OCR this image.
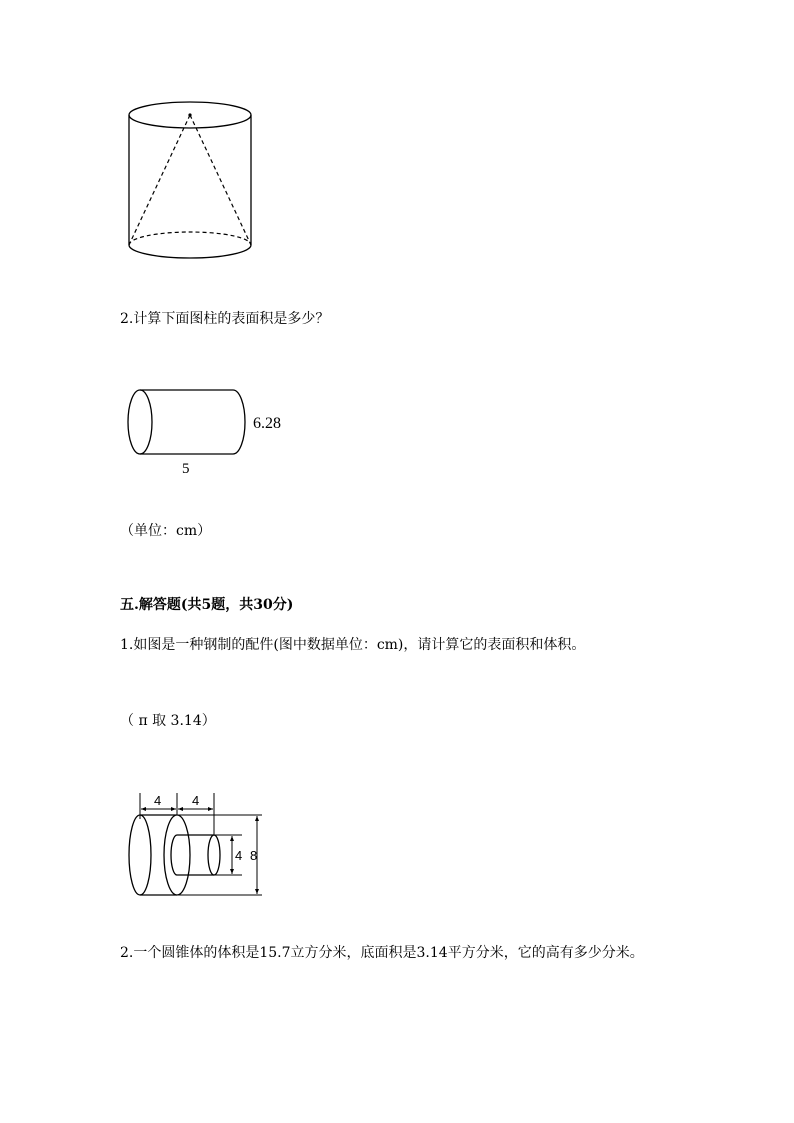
2.计算下面图柱的表面积是多少？
6.28
5
（单位：cm）
五.解答题(共5题，共30分)
1.如图是一种钢制的配件(图中数据单位：cm)，请计算它的表面积和体积。
（ π 取 3.14）
4 4
4 8
2.一个圆锥体的体积是15.7立方分米，底面积是3.14平方分米，它的高有多少分米。
